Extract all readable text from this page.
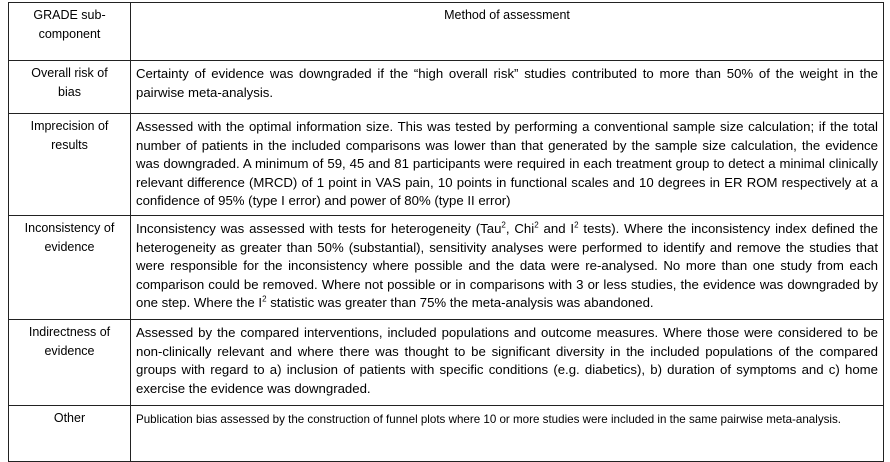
GRADE sub-
component	Method of assessment

Overall risk of
bias	Certainty of evidence was downgraded if the “high overall risk” studies contributed to more than 50% of the weight in the pairwise meta-analysis.

Imprecision of
results	Assessed with the optimal information size. This was tested by performing a conventional sample size calculation; if the total number of patients in the included comparisons was lower than that generated by the sample size calculation, the evidence was downgraded. A minimum of 59, 45 and 81 participants were required in each treatment group to detect a minimal clinically relevant difference (MRCD) of 1 point in VAS pain, 10 points in functional scales and 10 degrees in ER ROM respectively at a confidence of 95% (type I error) and power of 80% (type II error)

Inconsistency of
evidence	Inconsistency was assessed with tests for heterogeneity (Tau$^2$, Chi$^2$ and $I^2$ tests). Where the inconsistency index defined the heterogeneity as greater than 50% (substantial), sensitivity analyses were performed to identify and remove the studies that were responsible for the inconsistency where possible and the data were re-analysed. No more than one study from each comparison could be removed. Where not possible or in comparisons with 3 or less studies, the evidence was downgraded by one step. Where the $I^2$ statistic was greater than 75% the meta-analysis was abandoned.

Indirectness of
evidence	Assessed by the compared interventions, included populations and outcome measures. Where those were considered to be non-clinically relevant and where there was thought to be significant diversity in the included populations of the compared groups with regard to a) inclusion of patients with specific conditions (e.g. diabetics), b) duration of symptoms and c) home exercise the evidence was downgraded.

Other	Publication bias assessed by the construction of funnel plots where 10 or more studies were included in the same pairwise meta-analysis.
